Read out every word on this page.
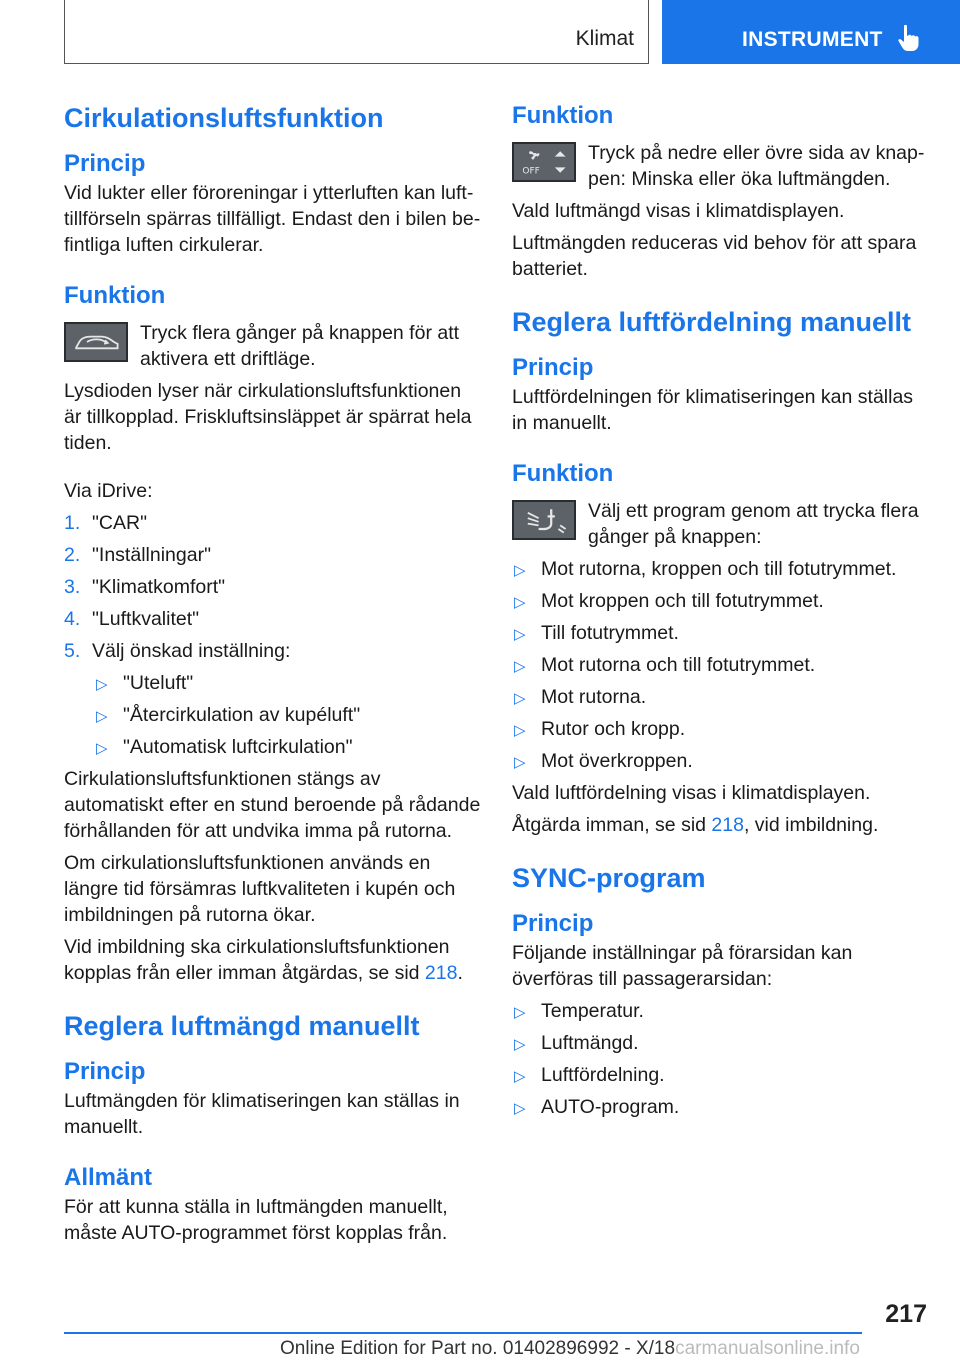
Klimat	INSTRUMENT
Cirkulationsluftsfunktion
Princip

Vid lukter eller föroreningar i ytterluften kan lufttillförseln spärras tillfälligt. Endast den i bilen befintliga luften cirkulerar.

Funktion

Tryck flera gånger på knappen för att aktivera ett driftläge.

Lysdioden lyser när cirkulationsluftsfunktionen är tillkopplad. Friskluftsinsläppet är spärrat hela tiden.

Via iDrive:

1. "CAR"
2. "Inställningar"
3. "Klimatkomfort"
4. "Luftkvalitet"
5. Välj önskad inställning:
▷ "Uteluft"
▷ "Återcirkulation av kupéluft"
▷ "Automatisk luftcirkulation"

Cirkulationsluftsfunktionen stängs av automatiskt efter en stund beroende på rådande förhållanden för att undvika imma på rutorna.

Om cirkulationsluftsfunktionen används en längre tid försämras luftkvaliteten i kupén och imbildningen på rutorna ökar.

Vid imbildning ska cirkulationsluftsfunktionen kopplas från eller imman åtgärdas, se sid 218.

Reglera luftmängd manuellt
Princip

Luftmängden för klimatiseringen kan ställas in manuellt.

Allmänt

För att kunna ställa in luftmängden manuellt, måste AUTO-programmet först kopplas från.

Funktion
OFF

Tryck på nedre eller övre sida av knappen: Minska eller öka luftmängden.

Vald luftmängd visas i klimatdisplayen.

Luftmängden reduceras vid behov för att spara batteriet.

Reglera luftfördelning manuellt
Princip

Luftfördelningen för klimatiseringen kan ställas in manuellt.

Funktion

Välj ett program genom att trycka flera gånger på knappen:

▷ Mot rutorna, kroppen och till fotutrymmet.
▷ Mot kroppen och till fotutrymmet.
▷ Till fotutrymmet.
▷ Mot rutorna och till fotutrymmet.
▷ Mot rutorna.
▷ Rutor och kropp.
▷ Mot överkroppen.

Vald luftfördelning visas i klimatdisplayen.

Åtgärda imman, se sid 218, vid imbildning.

SYNC-program
Princip

Följande inställningar på förarsidan kan överföras till passagerarsidan:

▷ Temperatur.
▷ Luftmängd.
▷ Luftfördelning.
▷ AUTO-program.
217
Online Edition for Part no. 01402896992 - X/18carmanualsonline.info
